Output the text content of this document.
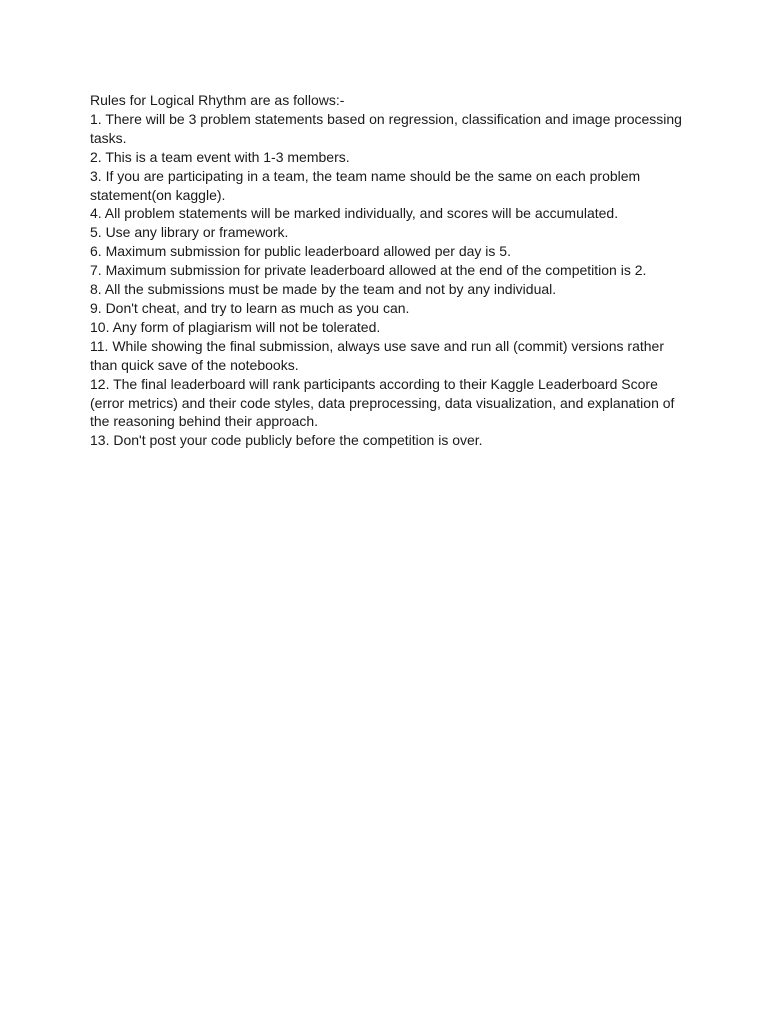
Rules for Logical Rhythm are as follows:-

1. There will be 3 problem statements based on regression, classification and image processing tasks.

2. This is a team event with 1-3 members.

3. If you are participating in a team, the team name should be the same on each problem statement(on kaggle).

4. All problem statements will be marked individually, and scores will be accumulated.

5. Use any library or framework.

6. Maximum submission for public leaderboard allowed per day is 5.

7. Maximum submission for private leaderboard allowed at the end of the competition is 2.

8. All the submissions must be made by the team and not by any individual.

9. Don't cheat, and try to learn as much as you can.

10. Any form of plagiarism will not be tolerated.

11. While showing the final submission, always use save and run all (commit) versions rather than quick save of the notebooks.

12. The final leaderboard will rank participants according to their Kaggle Leaderboard Score (error metrics) and their code styles, data preprocessing, data visualization, and explanation of the reasoning behind their approach.

13. Don't post your code publicly before the competition is over.
